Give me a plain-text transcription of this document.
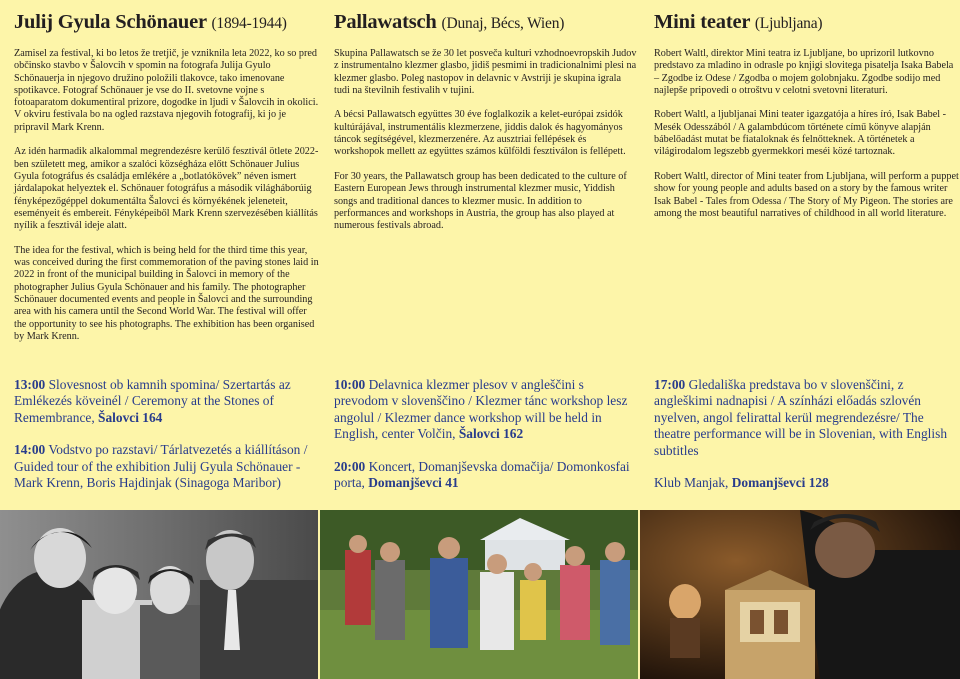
Julij Gyula Schönauer (1894-1944)

Zamisel za festival, ki bo letos že tretjič, je vzniknila leta 2022, ko so pred občinsko stavbo v Šalovcih v spomin na fotografa Julija Gyulo Schönauerja in njegovo družino položili tlakovce, tako imenovane spotikavce. Fotograf Schönauer je vse do II. svetovne vojne s fotoaparatom dokumentiral prizore, dogodke in ljudi v Šalovcih in okolici. V okviru festivala bo na ogled razstava njegovih fotografij, ki jo je pripravil Mark Krenn.

Az idén harmadik alkalommal megrendezésre kerülő fesztivál ötlete 2022-ben született meg, amikor a szalóci községháza előtt Schönauer Julius Gyula fotográfus és családja emlékére a „botlatókövek” néven ismert járdalapokat helyeztek el. Schönauer fotográfus a második világháborúig fényképezőgéppel dokumentálta Šalovci és környékének jeleneteit, eseményeit és embereit. Fényképeiből Mark Krenn szervezésében kiállítás nyílik a fesztivál ideje alatt.

The idea for the festival, which is being held for the third time this year, was conceived during the first commemoration of the paving stones laid in 2022 in front of the municipal building in Šalovci in memory of the photographer Julius Gyula Schönauer and his family. The photographer Schönauer documented events and people in Šalovci and the surrounding area with his camera until the Second World War. The festival will offer the opportunity to see his photographs. The exhibition has been organised by Mark Krenn.

13:00 Slovesnost ob kamnih spomina/ Szertartás az Emlékezés köveinél / Ceremony at the Stones of Remembrance, Šalovci 164

14:00 Vodstvo po razstavi/ Tárlatvezetés a kiállításon / Guided tour of the exhibition Julij Gyula Schönauer - Mark Krenn, Boris Hajdinjak (Sinagoga Maribor)

Pallawatsch (Dunaj, Bécs, Wien)

Skupina Pallawatsch se že 30 let posveča kulturi vzhodnoevropskih Judov z instrumentalno klezmer glasbo, jidiš pesmimi in tradicionalnimi plesi na klezmer glasbo. Poleg nastopov in delavnic v Avstriji je skupina igrala tudi na številnih festivalih v tujini.

A bécsi Pallawatsch együttes 30 éve foglalkozik a kelet-európai zsidók kultúrájával, instrumentális klezmerzene, jiddis dalok és hagyományos táncok segítségével, klezmerzenére. Az ausztriai fellépések és workshopok mellett az együttes számos külföldi fesztiválon is fellépett.

For 30 years, the Pallawatsch group has been dedicated to the culture of Eastern European Jews through instrumental klezmer music, Yiddish songs and traditional dances to klezmer music. In addition to performances and workshops in Austria, the group has also played at numerous festivals abroad.

10:00 Delavnica klezmer plesov v angleščini s prevodom v slovenščino / Klezmer tánc workshop lesz angolul / Klezmer dance workshop will be held in English, center Volčin, Šalovci 162

20:00 Koncert, Domanjševska domačija/ Domonkosfai porta, Domanjševci 41

Mini teater (Ljubljana)

Robert Waltl, direktor Mini teatra iz Ljubljane, bo uprizoril lutkovno predstavo za mladino in odrasle po knjigi slovitega pisatelja Isaka Babela – Zgodbe iz Odese / Zgodba o mojem golobnjaku. Zgodbe sodijo med najlepše pripovedi o otroštvu v celotni svetovni literaturi.

Robert Waltl, a ljubljanai Mini teater igazgatója a híres író, Isak Babel - Mesék Odesszából / A galambdúcom története című könyve alapján bábelőadást mutat be fiataloknak és felnőtteknek. A történetek a világirodalom legszebb gyermekkori meséi közé tartoznak.

Robert Waltl, director of Mini teater from Ljubljana, will perform a puppet show for young people and adults based on a story by the famous writer Isak Babel - Tales from Odessa / The Story of My Pigeon. The stories are among the most beautiful narratives of childhood in all world literature.

17:00 Gledališka predstava bo v slovenščini, z angleškimi nadnapisi / A színházi előadás szlovén nyelven, angol felirattal kerül megrendezésre/ The theatre performance will be in Slovenian, with English subtitles

Klub Manjak, Domanjševci 128
